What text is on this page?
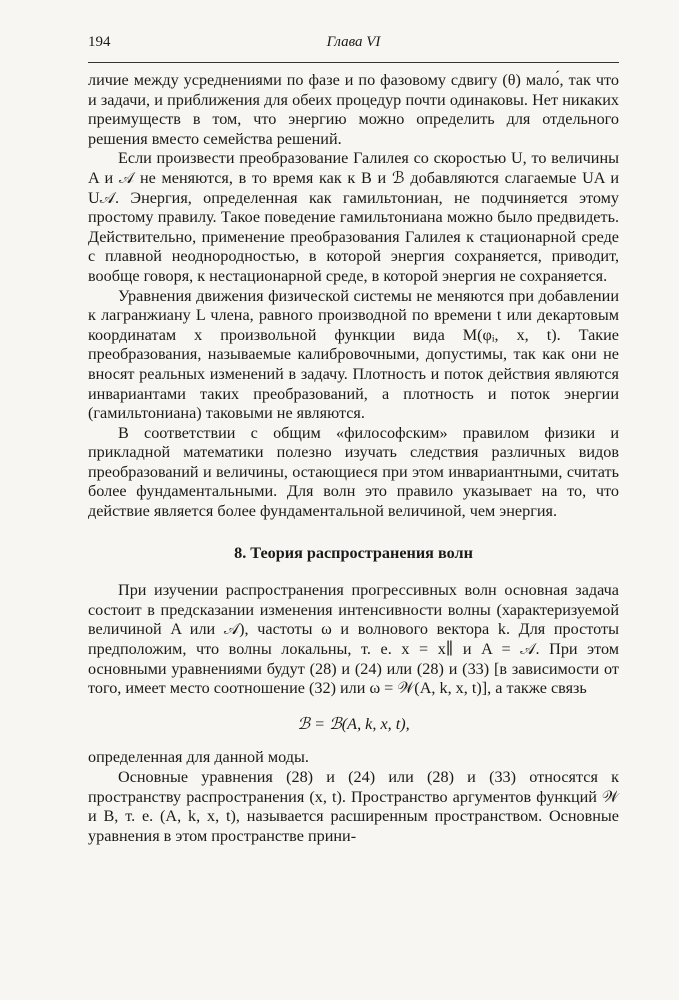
194	Глава VI

личие между усреднениями по фазе и по фазовому сдвигу (θ) мало́, так что и задачи, и приближения для обеих процедур почти одинаковы. Нет никаких преимуществ в том, что энергию можно определить для отдельного решения вместо семейства решений.

Если произвести преобразование Галилея со скоростью U, то величины A и 𝒜 не меняются, в то время как к B и ℬ добавляются слагаемые UA и U𝒜. Энергия, определенная как гамильтониан, не подчиняется этому простому правилу. Такое поведение гамильтониана можно было предвидеть. Действительно, применение преобразования Галилея к стационарной среде с плавной неоднородностью, в которой энергия сохраняется, приводит, вообще говоря, к нестационарной среде, в которой энергия не сохраняется.

Уравнения движения физической системы не меняются при добавлении к лагранжиану L члена, равного производной по времени t или декартовым координатам x произвольной функции вида M(φᵢ, x, t). Такие преобразования, называемые калибровочными, допустимы, так как они не вносят реальных изменений в задачу. Плотность и поток действия являются инвариантами таких преобразований, а плотность и поток энергии (гамильтониана) таковыми не являются.

В соответствии с общим «философским» правилом физики и прикладной математики полезно изучать следствия различных видов преобразований и величины, остающиеся при этом инвариантными, считать более фундаментальными. Для волн это правило указывает на то, что действие является более фундаментальной величиной, чем энергия.

8. Теория распространения волн

При изучении распространения прогрессивных волн основная задача состоит в предсказании изменения интенсивности волны (характеризуемой величиной A или 𝒜), частоты ω и волнового вектора k. Для простоты предположим, что волны локальны, т. е. x = x∥ и A = 𝒜. При этом основными уравнениями будут (28) и (24) или (28) и (33) [в зависимости от того, имеет место соотношение (32) или ω = 𝒲(A, k, x, t)], а также связь

ℬ = ℬ(A, k, x, t),

определенная для данной моды.

Основные уравнения (28) и (24) или (28) и (33) относятся к пространству распространения (x, t). Пространство аргументов функций 𝒲 и B, т. е. (A, k, x, t), называется расширенным пространством. Основные уравнения в этом пространстве прини-
